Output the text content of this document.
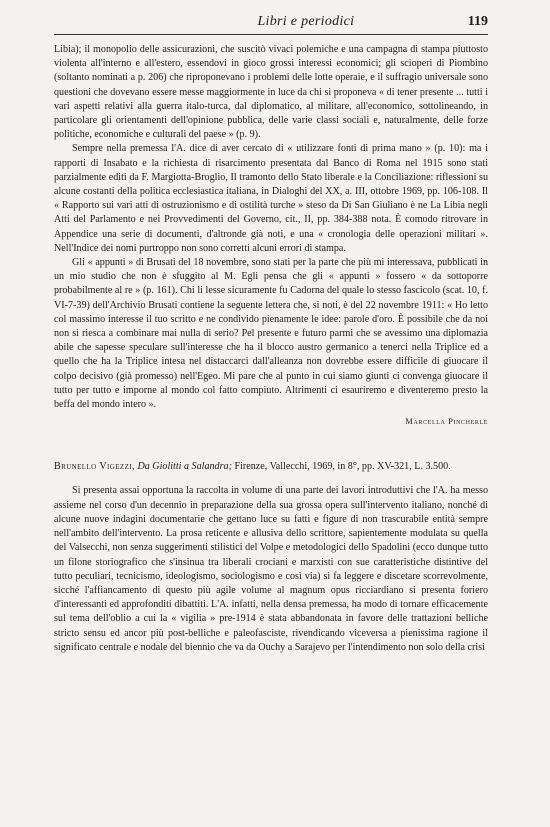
Libri e periodici	119

Libia); il monopolio delle assicurazioni, che suscitò vivaci polemiche e una campagna di stampa piuttosto violenta all'interno e all'estero, essendovi in gioco grossi interessi economici; gli scioperi di Piombino (soltanto nominati a p. 206) che riproponevano i problemi delle lotte operaie, e il suffragio universale sono questioni che dovevano essere messe maggiormente in luce da chi si proponeva « di tener presente ... tutti i vari aspetti relativi alla guerra italo-turca, dal diplomatico, al militare, all'economico, sottolineando, in particolare gli orientamenti dell'opinione pubblica, delle varie classi sociali e, naturalmente, delle forze politiche, economiche e culturali del paese » (p. 9).

Sempre nella premessa l'A. dice di aver cercato di « utilizzare fonti di prima mano » (p. 10): ma i rapporti di Insabato e la richiesta di risarcimento presentata dal Banco di Roma nel 1915 sono stati parzialmente editi da F. Margiotta-Broglio, Il tramonto dello Stato liberale e la Conciliazione: riflessioni su alcune costanti della politica ecclesiastica italiana, in Dialoghi del XX, a. III, ottobre 1969, pp. 106-108. Il « Rapporto sui vari atti di ostruzionismo e di ostilità turche » steso da Di San Giuliano è ne La Libia negli Atti del Parlamento e nei Provvedimenti del Governo, cit., II, pp. 384-388 nota. È comodo ritrovare in Appendice una serie di documenti, d'altronde già noti, e una « cronologia delle operazioni militari ». Nell'Indice dei nomi purtroppo non sono corretti alcuni errori di stampa.

Gli « appunti » di Brusati del 18 novembre, sono stati per la parte che più mi interessava, pubblicati in un mio studio che non è sfuggito al M. Egli pensa che gli « appunti » fossero « da sottoporre probabilmente al re » (p. 161). Chi li lesse sicuramente fu Cadorna del quale lo stesso fascicolo (scat. 10, f. VI-7-39) dell'Archivio Brusati contiene la seguente lettera che, si noti, è del 22 novembre 1911: « Ho letto col massimo interesse il tuo scritto e ne condivido pienamente le idee: parole d'oro. È possibile che da noi non si riesca a combinare mai nulla di serio? Pel presente e futuro parmi che se avessimo una diplomazia abile che sapesse speculare sull'interesse che ha il blocco austro germanico a tenerci nella Triplice ed a quello che ha la Triplice intesa nel distaccarci dall'alleanza non dovrebbe essere difficile di giuocare il colpo decisivo (già promesso) nell'Egeo. Mi pare che al punto in cui siamo giunti ci convenga giuocare il tutto per tutto e imporne al mondo col fatto compiuto. Altrimenti ci esauriremo e diventeremo presto la beffa del mondo intero ».

Marcella Pincherle

Brunello Vigezzi, Da Giolitti a Salandra; Firenze, Vallecchi, 1969, in 8°, pp. XV-321, L. 3.500.

Si presenta assai opportuna la raccolta in volume di una parte dei lavori introduttivi che l'A. ha messo assieme nel corso d'un decennio in preparazione della sua grossa opera sull'intervento italiano, nonché di alcune nuove indagini documentarie che gettano luce su fatti e figure di non trascurabile entità sempre nell'ambito dell'intervento. La prosa reticente e allusiva dello scrittore, sapientemente modulata su quella del Valsecchi, non senza suggerimenti stilistici del Volpe e metodologici dello Spadolini (ecco dunque tutto un filone storiografico che s'insinua tra liberali crociani e marxisti con sue caratteristiche distintive del tutto peculiari, tecnicismo, ideologismo, sociologismo e così via) si fa leggere e discetare scorrevolmente, sicché l'affiancamento di questo più agile volume al magnum opus ricciardiano si presenta foriero d'interessanti ed approfonditi dibattiti. L'A. infatti, nella densa premessa, ha modo di tornare efficacemente sul tema dell'oblio a cui la « vigilia » pre-1914 è stata abbandonata in favore delle trattazioni belliche stricto sensu ed ancor più post-belliche e paleofasciste, rivendicando viceversa a pienissima ragione il significato centrale e nodale del biennio che va da Ouchy a Sarajevo per l'intendimento non solo della crisi
